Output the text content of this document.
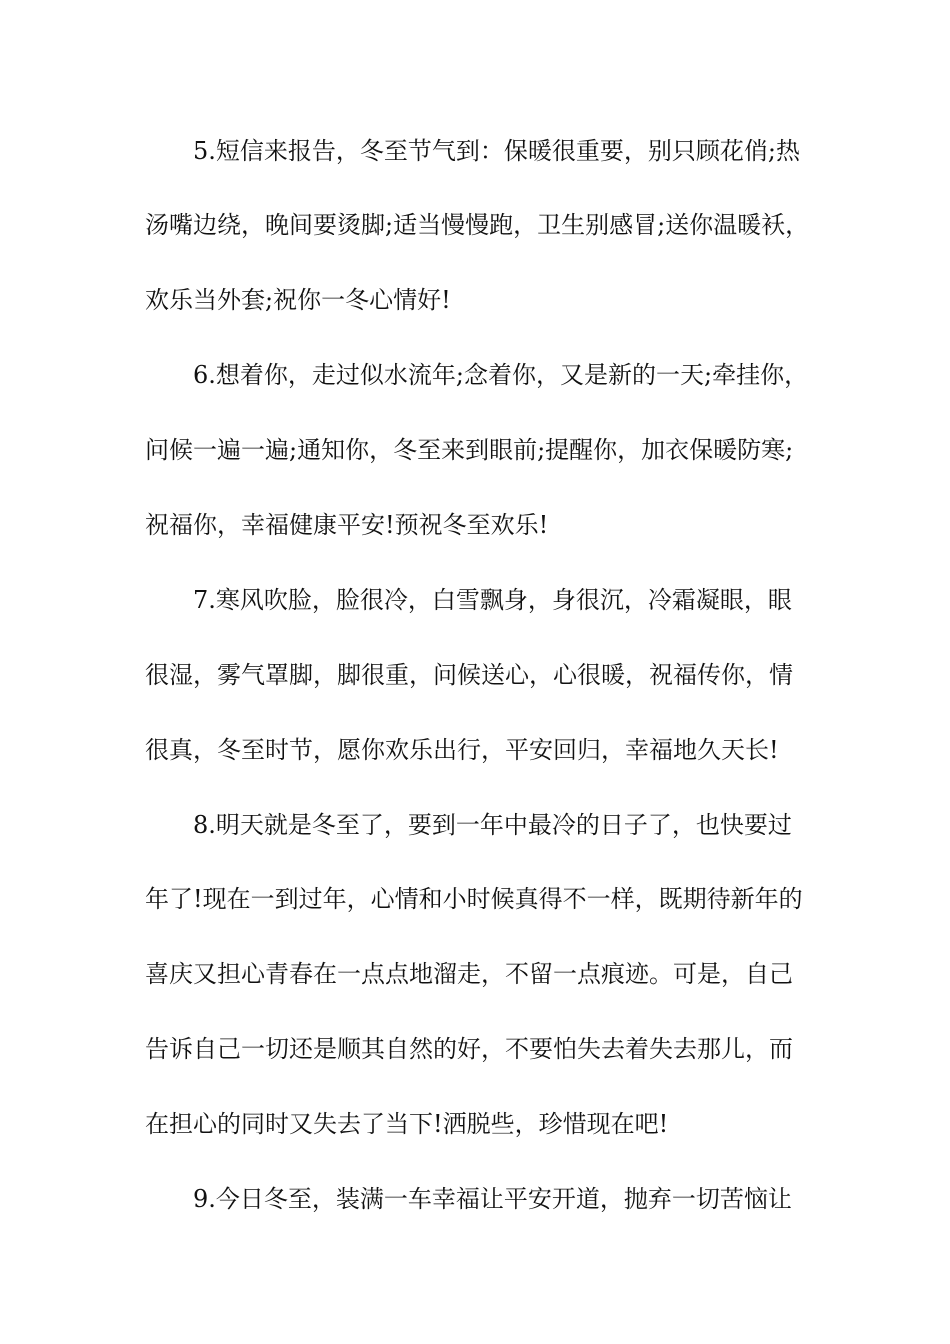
5.短信来报告，冬至节气到：保暖很重要，别只顾花俏;热
汤嘴边绕，晚间要烫脚;适当慢慢跑，卫生别感冒;送你温暖袄，
欢乐当外套;祝你一冬心情好!
6.想着你，走过似水流年;念着你，又是新的一天;牵挂你，
问候一遍一遍;通知你，冬至来到眼前;提醒你，加衣保暖防寒;
祝福你，幸福健康平安!预祝冬至欢乐!
7.寒风吹脸，脸很冷，白雪飘身，身很沉，冷霜凝眼，眼
很湿，雾气罩脚，脚很重，问候送心，心很暖，祝福传你，情
很真，冬至时节，愿你欢乐出行，平安回归，幸福地久天长!
8.明天就是冬至了，要到一年中最冷的日子了，也快要过
年了!现在一到过年，心情和小时候真得不一样，既期待新年的
喜庆又担心青春在一点点地溜走，不留一点痕迹。可是，自己
告诉自己一切还是顺其自然的好，不要怕失去着失去那儿，而
在担心的同时又失去了当下!洒脱些，珍惜现在吧!
9.今日冬至，装满一车幸福让平安开道，抛弃一切苦恼让
